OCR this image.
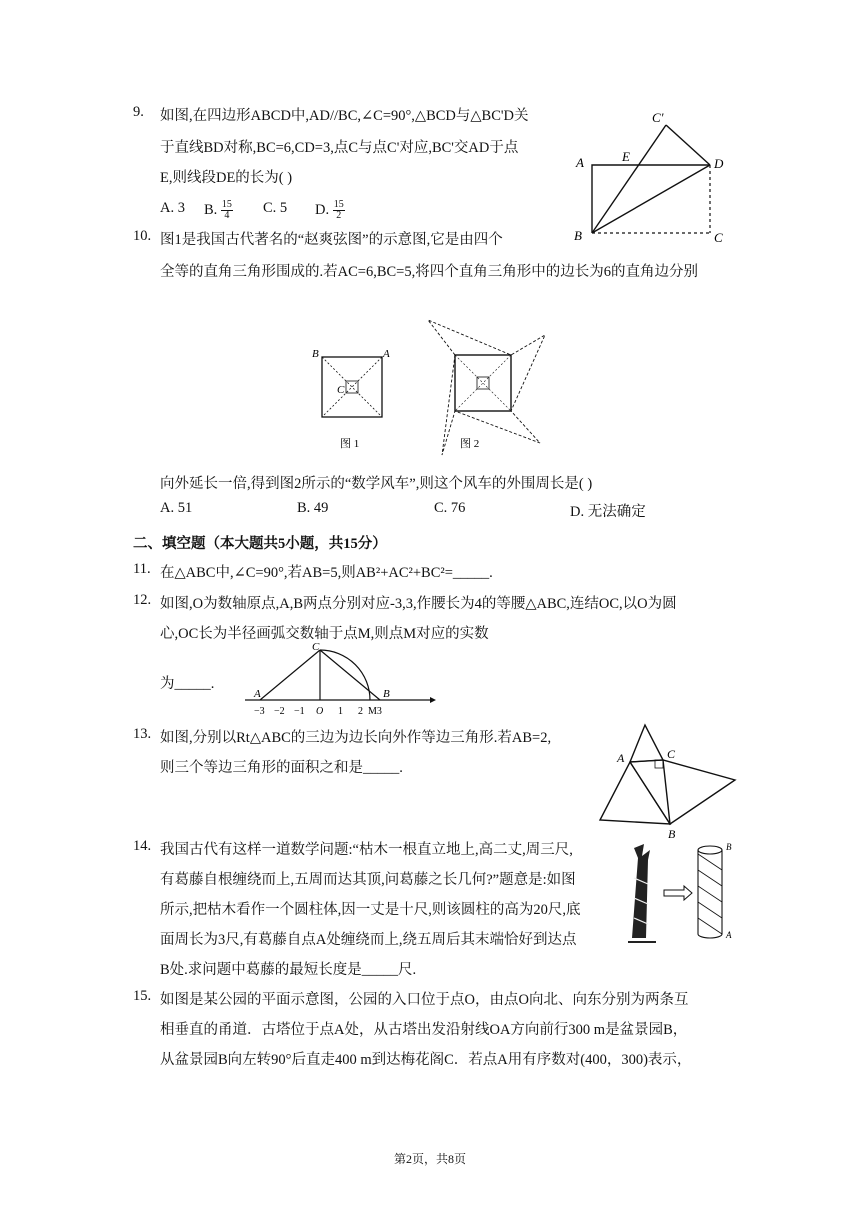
9. 如图,在四边形ABCD中,AD//BC,∠C=90°,△BCD与△BC'D关
于直线BD对称,BC=6,CD=3,点C与点C'对应,BC'交AD于点
E,则线段DE的长为( )
A. 3 B. $\frac{15}{4} C$. 5 D. $\frac{15}{2}$
C'
A	E	D
B	C
10. 图1是我国古代著名的“赵爽弦图”的示意图,它是由四个
全等的直角三角形围成的.若AC=6,BC=5,将四个直角三角形中的边长为6的直角边分别
B	A
C
图 1	图 2
向外延长一倍,得到图2所示的“数学风车”,则这个风车的外围周长是( )
A. 51	B. 49	C. 76	D. 无法确定
二、填空题（本大题共5小题，共15分）
11. 在△ABC中,∠C=90°,若AB=5,则AB²+AC²+BC²=_____.
12. 如图,O为数轴原点,A,B两点分别对应-3,3,作腰长为4的等腰△ABC,连结OC,以O为圆
心,OC长为半径画弧交数轴于点M,则点M对应的实数
为_____.
C
A	B
−3 −2 −1 O 1 2 M3
13. 如图,分别以Rt△ABC的三边为边长向外作等边三角形.若AB=2,
则三个等边三角形的面积之和是_____.
A	C
B
14. 我国古代有这样一道数学问题:“枯木一根直立地上,高二丈,周三尺,
有葛藤自根缠绕而上,五周而达其顶,问葛藤之长几何?”题意是:如图
所示,把枯木看作一个圆柱体,因一丈是十尺,则该圆柱的高为20尺,底
面周长为3尺,有葛藤自点A处缠绕而上,绕五周后其末端恰好到达点
B处.求问题中葛藤的最短长度是_____尺.
B
A
15. 如图是某公园的平面示意图，公园的入口位于点O，由点O向北、向东分别为两条互
相垂直的甬道．古塔位于点A处，从古塔出发沿射线OA方向前行300 m是盆景园B，
从盆景园B向左转90°后直走400 m到达梅花阁C．若点A用有序数对(400，300)表示，
第2页，共8页
